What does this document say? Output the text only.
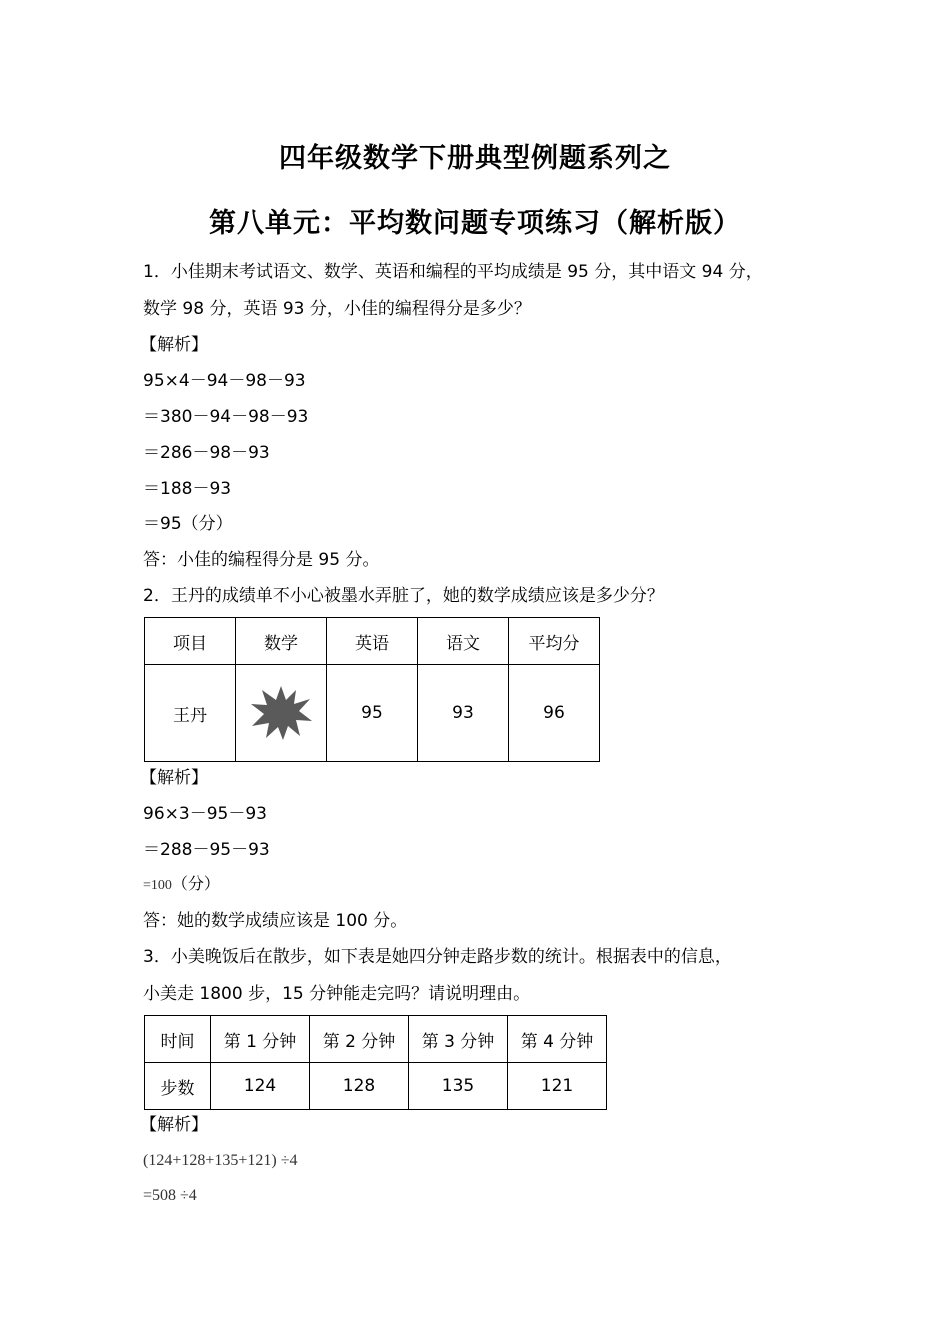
四年级数学下册典型例题系列之
第八单元：平均数问题专项练习（解析版）
1．小佳期末考试语文、数学、英语和编程的平均成绩是 95 分，其中语文 94 分，
数学 98 分，英语 93 分，小佳的编程得分是多少？
【解析】
95×4－94－98－93
＝380－94－98－93
＝286－98－93
＝188－93
＝95（分）
答：小佳的编程得分是 95 分。
2．王丹的成绩单不小心被墨水弄脏了，她的数学成绩应该是多少分？
项目	数学	英语	语文	平均分
王丹		95	93	96
【解析】
96×3－95－93
＝288－95－93
=100（分）
答：她的数学成绩应该是 100 分。
3．小美晚饭后在散步，如下表是她四分钟走路步数的统计。根据表中的信息，
小美走 1800 步，15 分钟能走完吗？请说明理由。
时间	第 1 分钟	第 2 分钟	第 3 分钟	第 4 分钟
步数	124	128	135	121
【解析】
(124+128+135+121) ÷4
=508 ÷4
